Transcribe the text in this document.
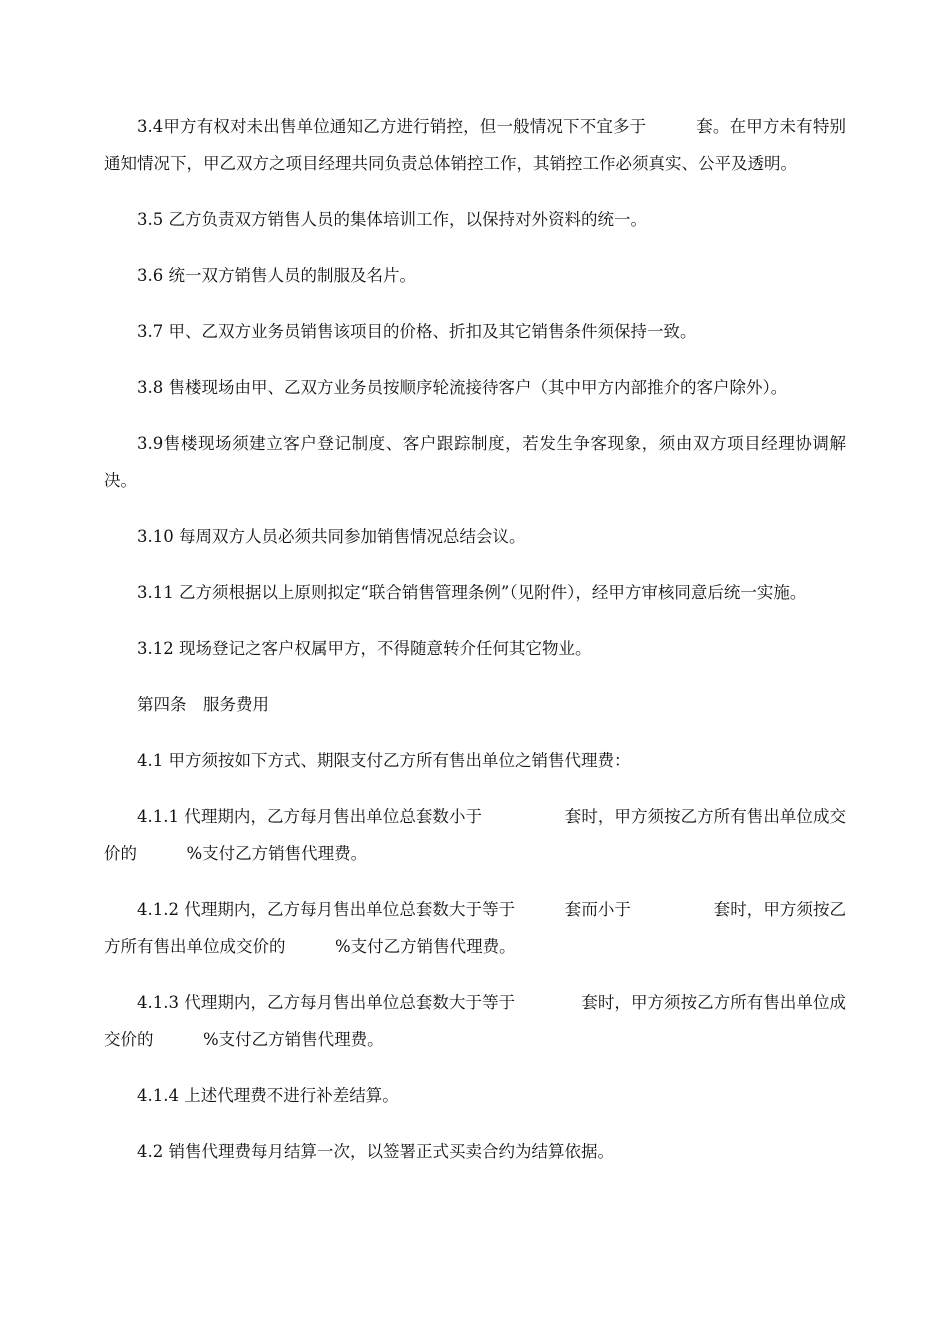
3.4甲方有权对未出售单位通知乙方进行销控，但一般情况下不宜多于　　　套。在甲方未有特别通知情况下，甲乙双方之项目经理共同负责总体销控工作，其销控工作必须真实、公平及透明。

3.5 乙方负责双方销售人员的集体培训工作，以保持对外资料的统一。

3.6 统一双方销售人员的制服及名片。

3.7 甲、乙双方业务员销售该项目的价格、折扣及其它销售条件须保持一致。

3.8 售楼现场由甲、乙双方业务员按顺序轮流接待客户（其中甲方内部推介的客户除外）。

3.9售楼现场须建立客户登记制度、客户跟踪制度，若发生争客现象，须由双方项目经理协调解决。

3.10 每周双方人员必须共同参加销售情况总结会议。

3.11 乙方须根据以上原则拟定“联合销售管理条例”（见附件），经甲方审核同意后统一实施。

3.12 现场登记之客户权属甲方，不得随意转介任何其它物业。

第四条　服务费用

4.1 甲方须按如下方式、期限支付乙方所有售出单位之销售代理费：

4.1.1 代理期内，乙方每月售出单位总套数小于　　　　　套时，甲方须按乙方所有售出单位成交价的　　　%支付乙方销售代理费。

4.1.2 代理期内，乙方每月售出单位总套数大于等于　　　套而小于　　　　　套时，甲方须按乙方所有售出单位成交价的　　　%支付乙方销售代理费。

4.1.3 代理期内，乙方每月售出单位总套数大于等于　　　　套时，甲方须按乙方所有售出单位成交价的　　　%支付乙方销售代理费。

4.1.4 上述代理费不进行补差结算。

4.2 销售代理费每月结算一次，以签署正式买卖合约为结算依据。
